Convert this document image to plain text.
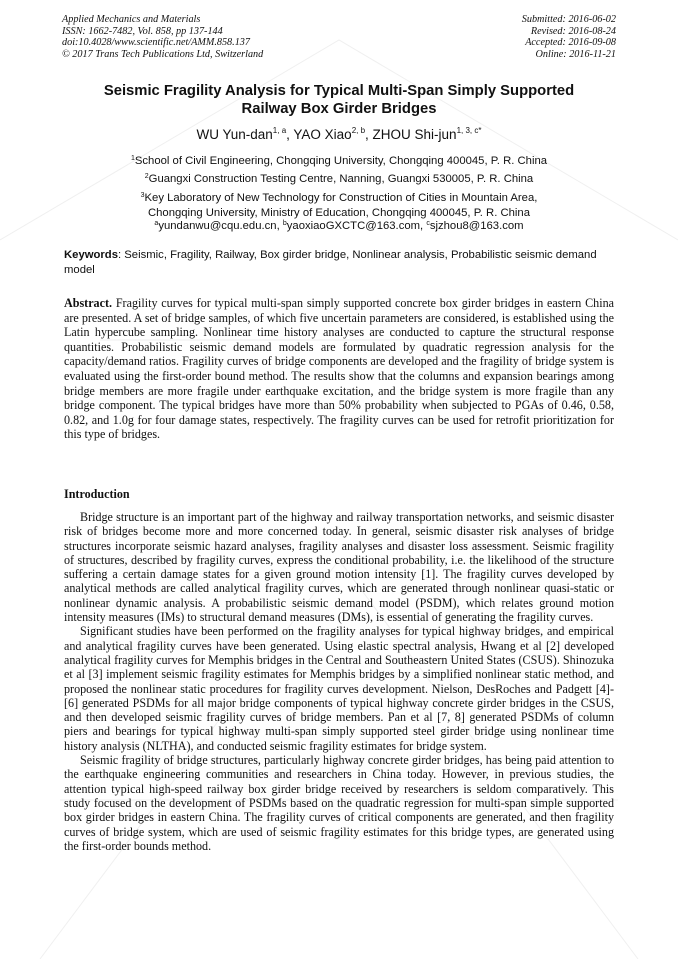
Applied Mechanics and Materials
ISSN: 1662-7482, Vol. 858, pp 137-144
doi:10.4028/www.scientific.net/AMM.858.137
© 2017 Trans Tech Publications Ltd, Switzerland
Submitted: 2016-06-02
Revised: 2016-08-24
Accepted: 2016-09-08
Online: 2016-11-21
Seismic Fragility Analysis for Typical Multi-Span Simply Supported
Railway Box Girder Bridges
WU Yun-dan$^{1, a}$, YAO Xiao$^{2, b}$, ZHOU Shi-jun$^{1, 3, c*}$
$^1$School of Civil Engineering, Chongqing University, Chongqing 400045, P. R. China
$^2$Guangxi Construction Testing Centre, Nanning, Guangxi 530005, P. R. China
$^3$Key Laboratory of New Technology for Construction of Cities in Mountain Area,
Chongqing University, Ministry of Education, Chongqing 400045, P. R. China
$^a$yundanwu@cqu.edu.cn, $^b$yaoxiaoGXCTC@163.com, $^c$sjzhou8@163.com
Keywords: Seismic, Fragility, Railway, Box girder bridge, Nonlinear analysis, Probabilistic seismic demand model
Abstract. Fragility curves for typical multi-span simply supported concrete box girder bridges in eastern China are presented. A set of bridge samples, of which five uncertain parameters are considered, is established using the Latin hypercube sampling. Nonlinear time history analyses are conducted to capture the structural response quantities. Probabilistic seismic demand models are formulated by quadratic regression analysis for the capacity/demand ratios. Fragility curves of bridge components are developed and the fragility of bridge system is evaluated using the first-order bound method. The results show that the columns and expansion bearings among bridge members are more fragile under earthquake excitation, and the bridge system is more fragile than any bridge component. The typical bridges have more than 50% probability when subjected to PGAs of 0.46, 0.58, 0.82, and 1.0g for four damage states, respectively. The fragility curves can be used for retrofit prioritization for this type of bridges.
Introduction

Bridge structure is an important part of the highway and railway transportation networks, and seismic disaster risk of bridges become more and more concerned today. In general, seismic disaster risk analyses of bridge structures incorporate seismic hazard analyses, fragility analyses and disaster loss assessment. Seismic fragility of structures, described by fragility curves, express the conditional probability, i.e. the likelihood of the structure suffering a certain damage states for a given ground motion intensity [1]. The fragility curves developed by analytical methods are called analytical fragility curves, which are generated through nonlinear quasi-static or nonlinear dynamic analysis. A probabilistic seismic demand model (PSDM), which relates ground motion intensity measures (IMs) to structural demand measures (DMs), is essential of generating the fragility curves.

Significant studies have been performed on the fragility analyses for typical highway bridges, and empirical and analytical fragility curves have been generated. Using elastic spectral analysis, Hwang et al [2] developed analytical fragility curves for Memphis bridges in the Central and Southeastern United States (CSUS). Shinozuka et al [3] implement seismic fragility estimates for Memphis bridges by a simplified nonlinear static method, and proposed the nonlinear static procedures for fragility curves development. Nielson, DesRoches and Padgett [4]-[6] generated PSDMs for all major bridge components of typical highway concrete girder bridges in the CSUS, and then developed seismic fragility curves of bridge members. Pan et al [7, 8] generated PSDMs of column piers and bearings for typical highway multi-span simply supported steel girder bridge using nonlinear time history analysis (NLTHA), and conducted seismic fragility estimates for bridge system.

Seismic fragility of bridge structures, particularly highway concrete girder bridges, has being paid attention to the earthquake engineering communities and researchers in China today. However, in previous studies, the attention typical high-speed railway box girder bridge received by researchers is seldom comparatively. This study focused on the development of PSDMs based on the quadratic regression for multi-span simple supported box girder bridges in eastern China. The fragility curves of critical components are generated, and then fragility curves of bridge system, which are used of seismic fragility estimates for this bridge types, are generated using the first-order bounds method.
